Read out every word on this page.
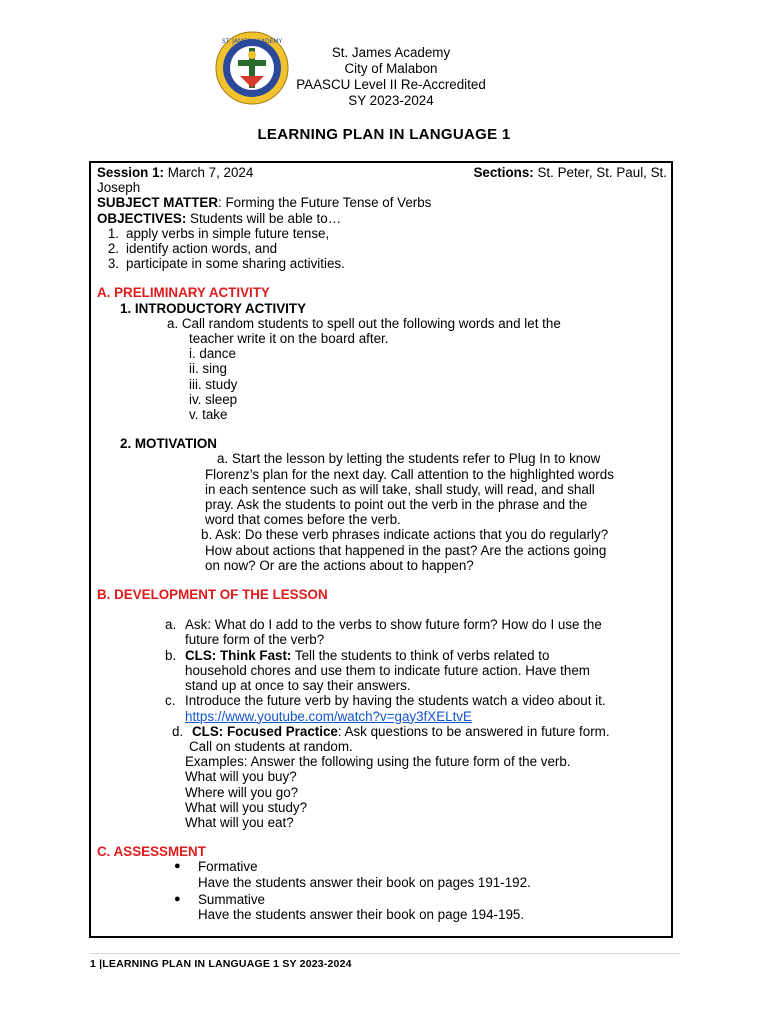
ST. JAMES ACADEMY
St. James Academy
City of Malabon
PAASCU Level II Re-Accredited
SY 2023-2024
LEARNING PLAN IN LANGUAGE 1
Session 1: March 7, 2024	Sections: St. Peter, St. Paul, St.

Joseph

SUBJECT MATTER: Forming the Future Tense of Verbs

OBJECTIVES: Students will be able to…

1. apply verbs in simple future tense,
2. identify action words, and
3. participate in some sharing activities.

A. PRELIMINARY ACTIVITY

1. INTRODUCTORY ACTIVITY

a. Call random students to spell out the following words and let the

teacher write it on the board after.

i. dance

ii. sing

iii. study

iv. sleep

v. take

2. MOTIVATION

a. Start the lesson by letting the students refer to Plug In to know

Florenz’s plan for the next day. Call attention to the highlighted words

in each sentence such as will take, shall study, will read, and shall

pray. Ask the students to point out the verb in the phrase and the

word that comes before the verb.

b. Ask: Do these verb phrases indicate actions that you do regularly?

How about actions that happened in the past? Are the actions going

on now? Or are the actions about to happen?

B. DEVELOPMENT OF THE LESSON

a. Ask: What do I add to the verbs to show future form? How do I use the

future form of the verb?

b. CLS: Think Fast: Tell the students to think of verbs related to

household chores and use them to indicate future action. Have them

stand up at once to say their answers.

c. Introduce the future verb by having the students watch a video about it.

https://www.youtube.com/watch?v=gay3fXELtvE

d. CLS: Focused Practice: Ask questions to be answered in future form.

Call on students at random.

Examples: Answer the following using the future form of the verb.

What will you buy?

Where will you go?

What will you study?

What will you eat?

C. ASSESSMENT

●	Formative

Have the students answer their book on pages 191-192.

●	Summative

Have the students answer their book on page 194-195.

1 |LEARNING PLAN IN LANGUAGE 1 SY 2023-2024
